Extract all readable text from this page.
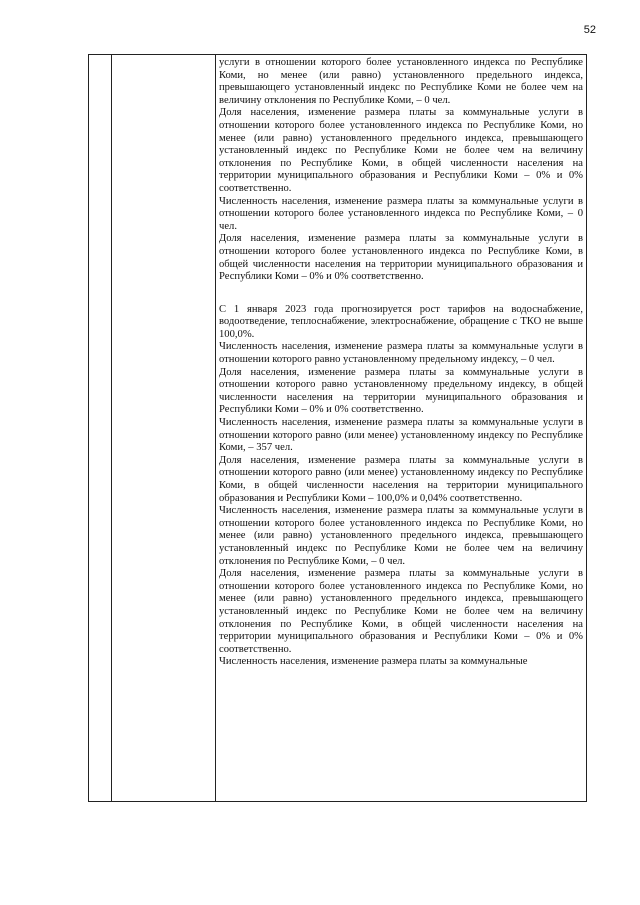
52

услуги в отношении которого более установленного индекса по Республике Коми, но менее (или равно) установленного предельного индекса, превышающего установленный индекс по Республике Коми не более чем на величину отклонения по Республике Коми, – 0 чел.

Доля населения, изменение размера платы за коммунальные услуги в отношении которого более установленного индекса по Республике Коми, но менее (или равно) установленного предельного индекса, превышающего установленный индекс по Республике Коми не более чем на величину отклонения по Республике Коми, в общей численности населения на территории муниципального образования и Республики Коми – 0% и 0% соответственно.

Численность населения, изменение размера платы за коммунальные услуги в отношении которого более установленного индекса по Республике Коми, – 0 чел.

Доля населения, изменение размера платы за коммунальные услуги в отношении которого более установленного индекса по Республике Коми, в общей численности населения на территории муниципального образования и Республики Коми – 0% и 0% соответственно.

С 1 января 2023 года прогнозируется рост тарифов на водоснабжение, водоотведение, теплоснабжение, электроснабжение, обращение с ТКО не выше 100,0%.

Численность населения, изменение размера платы за коммунальные услуги в отношении которого равно установленному предельному индексу, – 0 чел.

Доля населения, изменение размера платы за коммунальные услуги в отношении которого равно установленному предельному индексу, в общей численности населения на территории муниципального образования и Республики Коми – 0% и 0% соответственно.

Численность населения, изменение размера платы за коммунальные услуги в отношении которого равно (или менее) установленному индексу по Республике Коми, – 357 чел.

Доля населения, изменение размера платы за коммунальные услуги в отношении которого равно (или менее) установленному индексу по Республике Коми, в общей численности населения на территории муниципального образования и Республики Коми – 100,0% и 0,04% соответственно.

Численность населения, изменение размера платы за коммунальные услуги в отношении которого более установленного индекса по Республике Коми, но менее (или равно) установленного предельного индекса, превышающего установленный индекс по Республике Коми не более чем на величину отклонения по Республике Коми, – 0 чел.

Доля населения, изменение размера платы за коммунальные услуги в отношении которого более установленного индекса по Республике Коми, но менее (или равно) установленного предельного индекса, превышающего установленный индекс по Республике Коми не более чем на величину отклонения по Республике Коми, в общей численности населения на территории муниципального образования и Республики Коми – 0% и 0% соответственно.

Численность населения, изменение размера платы за коммунальные
